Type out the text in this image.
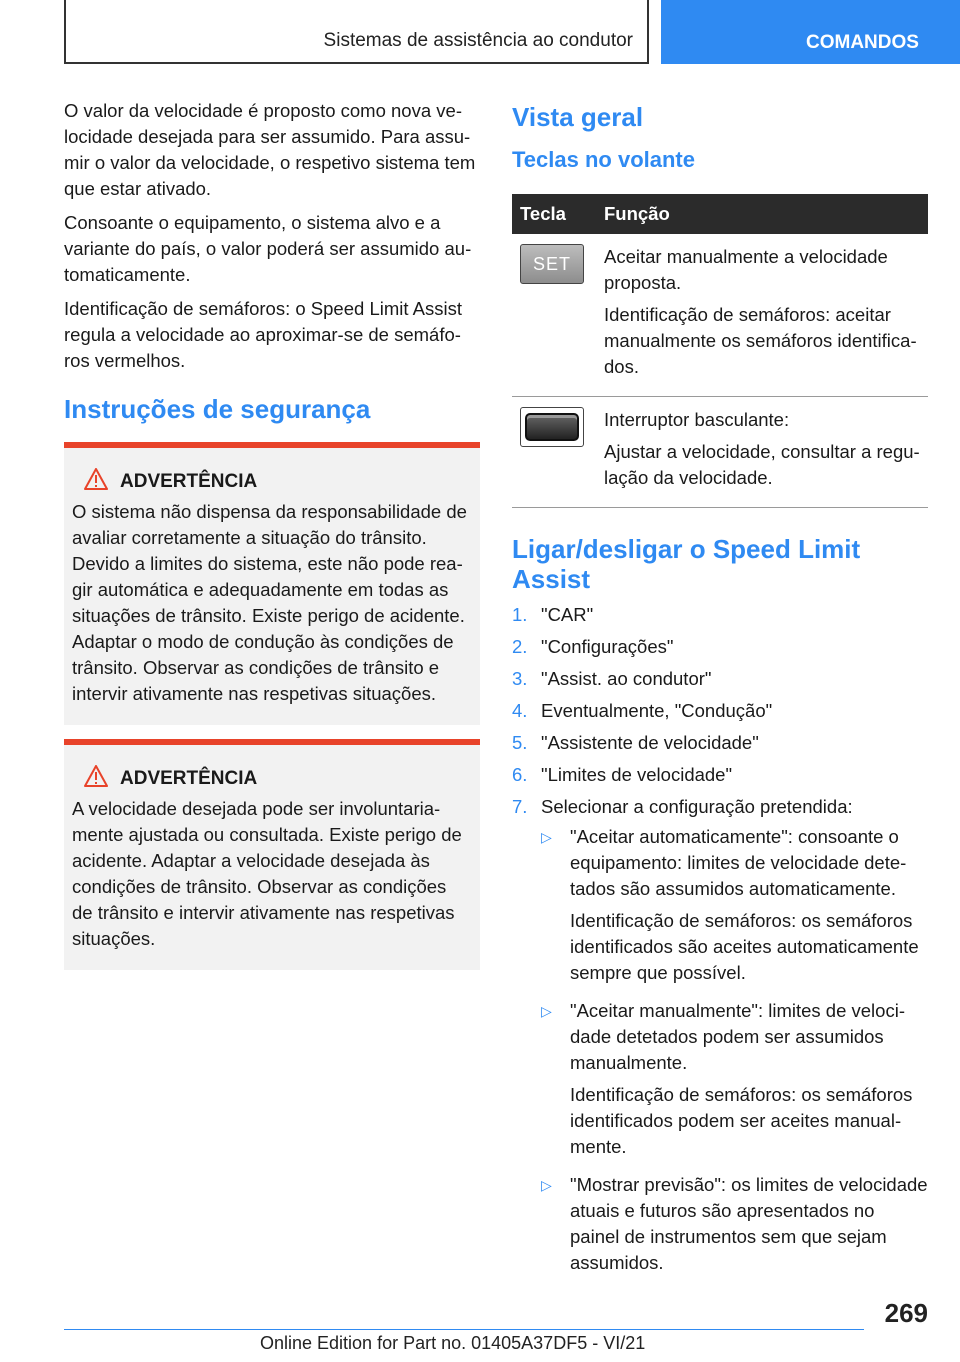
Sistemas de assistência ao condutor	COMANDOS

O valor da velocidade é proposto como nova velocidade desejada para ser assumido. Para assumir o valor da velocidade, o respetivo sistema tem que estar ativado.

Consoante o equipamento, o sistema alvo e a variante do país, o valor poderá ser assumido automaticamente.

Identificação de semáforos: o Speed Limit Assist regula a velocidade ao aproximar-se de semáforos vermelhos.

Instruções de segurança
ADVERTÊNCIA

O sistema não dispensa da responsabilidade de avaliar corretamente a situação do trânsito. Devido a limites do sistema, este não pode reagir automática e adequadamente em todas as situações de trânsito. Existe perigo de acidente. Adaptar o modo de condução às condições de trânsito. Observar as condições de trânsito e intervir ativamente nas respetivas situações.

ADVERTÊNCIA

A velocidade desejada pode ser involuntariamente ajustada ou consultada. Existe perigo de acidente. Adaptar a velocidade desejada às condições de trânsito. Observar as condições de trânsito e intervir ativamente nas respetivas situações.

Vista geral
Teclas no volante
Tecla	Função

SET	Aceitar manualmente a velocidade proposta.

Identificação de semáforos: aceitar manualmente os semáforos identificados.

	Interruptor basculante:

Ajustar a velocidade, consultar a regulação da velocidade.

Ligar/desligar o Speed Limit Assist
1. "CAR"
2. "Configurações"
3. "Assist. ao condutor"
4. Eventualmente, "Condução"
5. "Assistente de velocidade"
6. "Limites de velocidade"
7. Selecionar a configuração pretendida:
▷ "Aceitar automaticamente": consoante o equipamento: limites de velocidade detetados são assumidos automaticamente.

Identificação de semáforos: os semáforos identificados são aceites automaticamente sempre que possível.

▷ "Aceitar manualmente": limites de velocidade detetados podem ser assumidos manualmente.

Identificação de semáforos: os semáforos identificados podem ser aceites manualmente.

▷ "Mostrar previsão": os limites de velocidade atuais e futuros são apresentados no painel de instrumentos sem que sejam assumidos.

269
Online Edition for Part no. 01405A37DF5 - VI/21
